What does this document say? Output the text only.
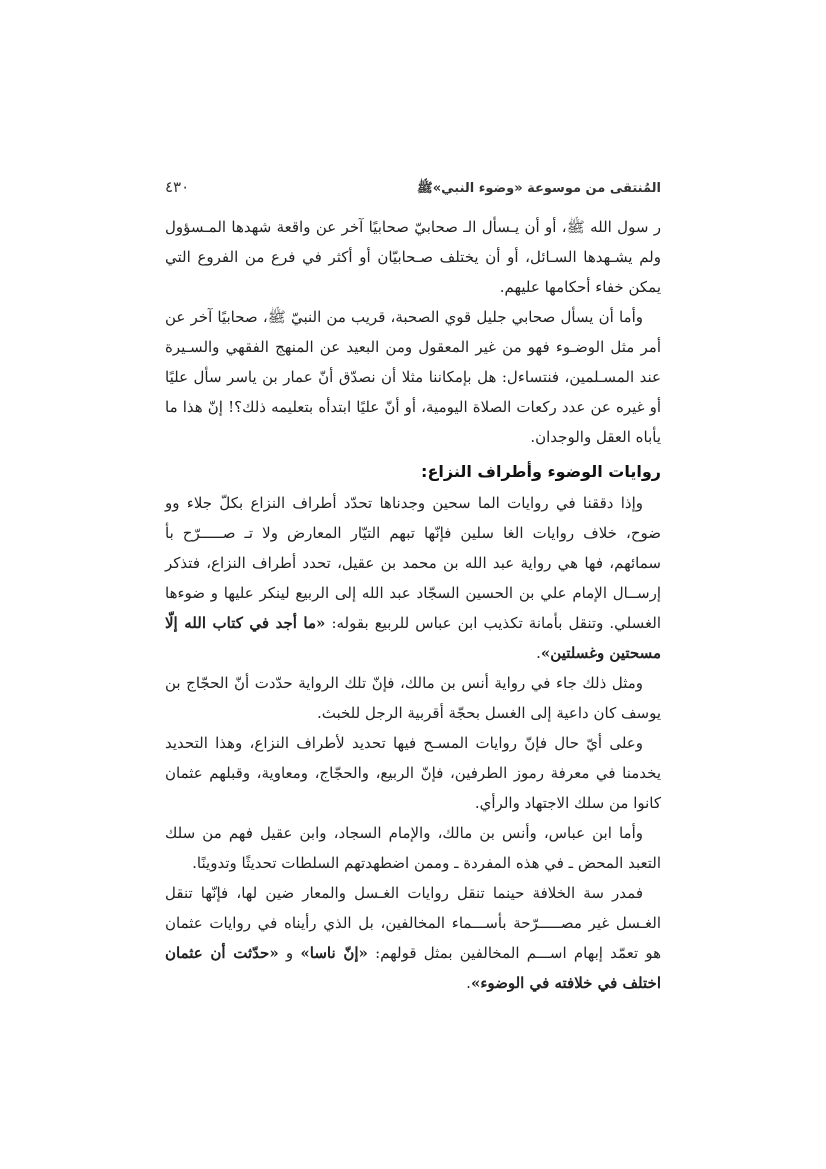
المُنتقى من موسوعة «وضوء النبي»ﷺ
٤٣٠

ر سول الله ﷺ، أو أن يـسأل الـ صحابيّ صحابيًا آخر عن واقعة شهدها المـسؤول ولم يشـهدها السـائل، أو أن يختلف صـحابيّان أو أكثر في فرع من الفروع التي يمكن خفاء أحكامها عليهم.

وأما أن يسأل صحابي جليل قوي الصحبة، قريب من النبيّ ﷺ، صحابيًا آخر عن أمر مثل الوضـوء فهو من غير المعقول ومن البعيد عن المنهج الفقهي والسـيرة عند المسـلمين، فنتساءل: هل بإمكاننا مثلا أن نصدّق أنّ عمار بن ياسر سأل عليًا أو غيره عن عدد ركعات الصلاة اليومية، أو أنّ عليًا ابتدأه بتعليمه ذلك؟! إنّ هذا ما يأباه العقل والوجدان.

روايات الوضوء وأطراف النزاع:

وإذا دققنا في روايات الما سحين وجدناها تحدّد أطراف النزاع بكلّ جلاء وو ضوح، خلاف روايات الغا سلين فإنّها تبهم التيّار المعارض ولا تـ صـــــرّح بأ سمائهم، فها هي رواية عبد الله بن محمد بن عقيل، تحدد أطراف النزاع، فتذكر إرســال الإمام علي بن الحسين السجّاد عبد الله إلى الربيع لينكر عليها و ضوءها الغسلي. وتنقل بأمانة تكذيب ابن عباس للربيع بقوله: «ما أجد في كتاب الله إلّا مسحتين وغسلتين».

ومثل ذلك جاء في رواية أنس بن مالك، فإنّ تلك الرواية حدّدت أنّ الحجّاج بن يوسف كان داعية إلى الغسل بحجّة أقربية الرجل للخبث.

وعلى أيّ حال فإنّ روايات المسـح فيها تحديد لأطراف النزاع، وهذا التحديد يخدمنا في معرفة رموز الطرفين، فإنّ الربيع، والحجّاج، ومعاوية، وقبلهم عثمان كانوا من سلك الاجتهاد والرأي.

وأما ابن عباس، وأنس بن مالك، والإمام السجاد، وابن عقيل فهم من سلك التعبد المحض ـ في هذه المفردة ـ وممن اضطهدتهم السلطات تحديثًا وتدوينًا.

فمدر سة الخلافة حينما تنقل روايات الغـسل والمعار ضين لها، فإنّها تنقل الغـسل غير مصـــــرّحة بأســـماء المخالفين، بل الذي رأيناه في روايات عثمان هو تعمّد إبهام اســـم المخالفين بمثل قولهم: «إنّ ناسا» و «حدّثت أن عثمان اختلف في خلافته في الوضوء».
